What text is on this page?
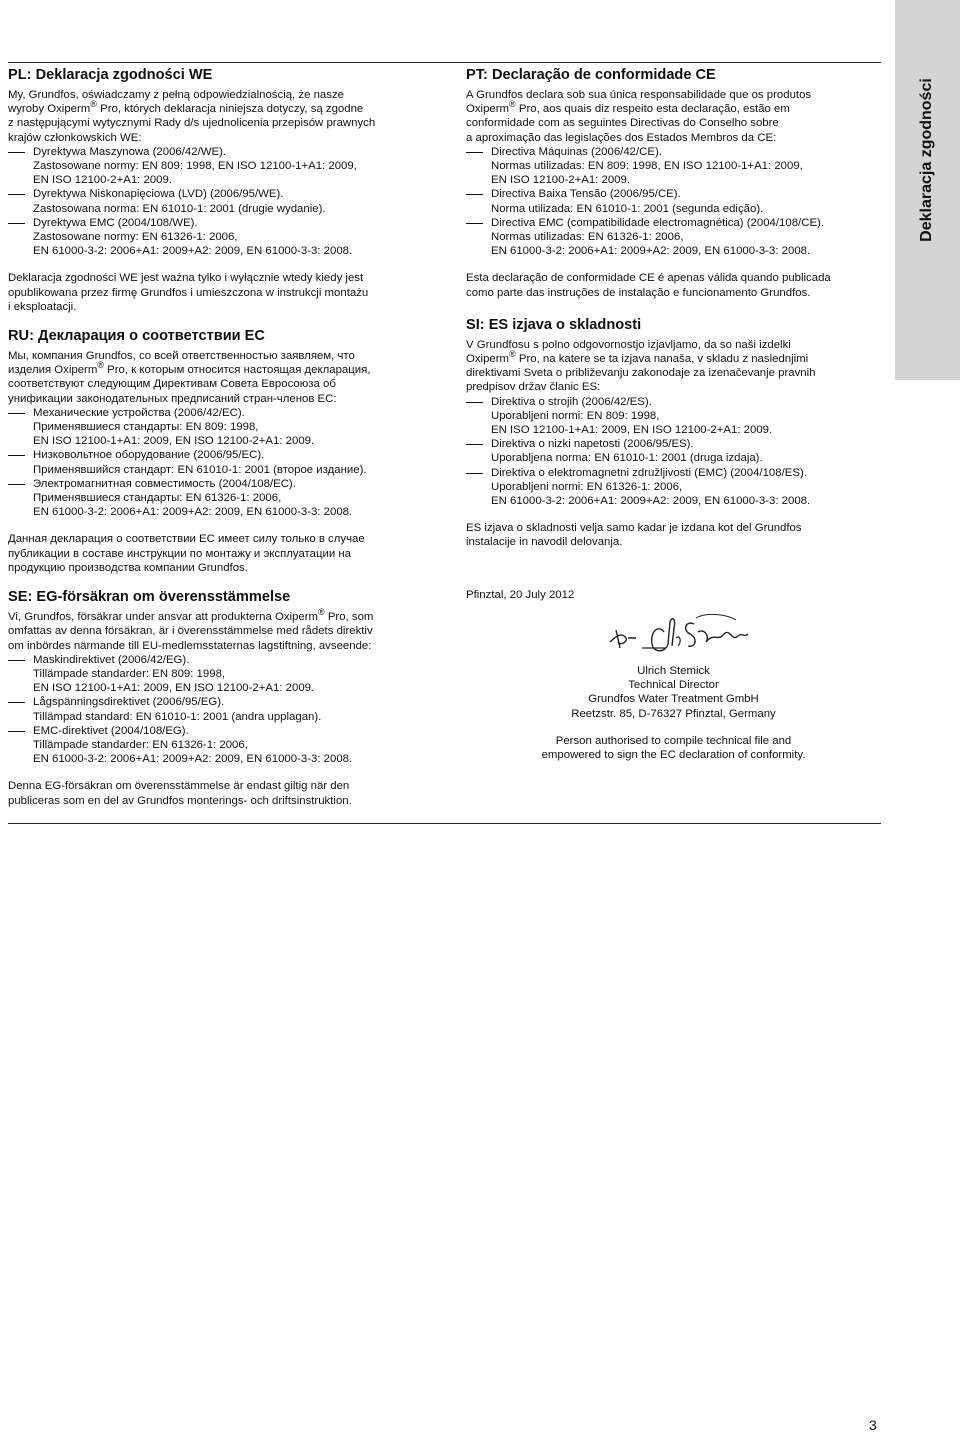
Deklaracja zgodności
PL: Deklaracja zgodności WE

My, Grundfos, oświadczamy z pełną odpowiedzialnością, że nasze
wyroby Oxiperm® Pro, których deklaracja niniejsza dotyczy, są zgodne
z następującymi wytycznymi Rady d/s ujednolicenia przepisów prawnych
krajów członkowskich WE:

Dyrektywa Maszynowa (2006/42/WE).
Zastosowane normy: EN 809: 1998, EN ISO 12100-1+A1: 2009,
EN ISO 12100-2+A1: 2009.
Dyrektywa Niskonapięciowa (LVD) (2006/95/WE).
Zastosowana norma: EN 61010-1: 2001 (drugie wydanie).
Dyrektywa EMC (2004/108/WE).
Zastosowane normy: EN 61326-1: 2006,
EN 61000-3-2: 2006+A1: 2009+A2: 2009, EN 61000-3-3: 2008.

Deklaracja zgodności WE jest ważna tylko i wyłącznie wtedy kiedy jest
opublikowana przez firmę Grundfos i umieszczona w instrukcji montażu
i eksploatacji.

RU: Декларация о соответствии ЕС

Мы, компания Grundfos, со всей ответственностью заявляем, что
изделия Oxiperm® Pro, к которым относится настоящая декларация,
соответствуют следующим Директивам Совета Евросоюза об
унификации законодательных предписаний стран-членов ЕС:

Механические устройства (2006/42/EC).
Применявшиеся стандарты: EN 809: 1998,
EN ISO 12100-1+A1: 2009, EN ISO 12100-2+A1: 2009.
Низковольтное оборудование (2006/95/EC).
Применявшийся стандарт: EN 61010-1: 2001 (второе издание).
Электромагнитная совместимость (2004/108/EC).
Применявшиеся стандарты: EN 61326-1: 2006,
EN 61000-3-2: 2006+A1: 2009+A2: 2009, EN 61000-3-3: 2008.

Данная декларация о соответствии ЕС имеет силу только в случае
публикации в составе инструкции по монтажу и эксплуатации на
продукцию производства компании Grundfos.

SE: EG-försäkran om överensstämmelse

Vi, Grundfos, försäkrar under ansvar att produkterna Oxiperm® Pro, som
omfattas av denna försäkran, är i överensstämmelse med rådets direktiv
om inbördes närmande till EU-medlemsstaternas lagstiftning, avseende:

Maskindirektivet (2006/42/EG).
Tillämpade standarder: EN 809: 1998,
EN ISO 12100-1+A1: 2009, EN ISO 12100-2+A1: 2009.
Lågspänningsdirektivet (2006/95/EG).
Tillämpad standard: EN 61010-1: 2001 (andra upplagan).
EMC-direktivet (2004/108/EG).
Tillämpade standarder: EN 61326-1: 2006,
EN 61000-3-2: 2006+A1: 2009+A2: 2009, EN 61000-3-3: 2008.

Denna EG-försäkran om överensstämmelse är endast giltig när den
publiceras som en del av Grundfos monterings- och driftsinstruktion.

PT: Declaração de conformidade CE

A Grundfos declara sob sua única responsabilidade que os produtos
Oxiperm® Pro, aos quais diz respeito esta declaração, estão em
conformidade com as seguintes Directivas do Conselho sobre
a aproximação das legislações dos Estados Membros da CE:

Directiva Máquinas (2006/42/CE).
Normas utilizadas: EN 809: 1998, EN ISO 12100-1+A1: 2009,
EN ISO 12100-2+A1: 2009.
Directiva Baixa Tensão (2006/95/CE).
Norma utilizada: EN 61010-1: 2001 (segunda edição).
Directiva EMC (compatibilidade electromagnética) (2004/108/CE).
Normas utilizadas: EN 61326-1: 2006,
EN 61000-3-2: 2006+A1: 2009+A2: 2009, EN 61000-3-3: 2008.

Esta declaração de conformidade CE é apenas válida quando publicada
como parte das instruções de instalação e funcionamento Grundfos.

SI: ES izjava o skladnosti

V Grundfosu s polno odgovornostjo izjavljamo, da so naši izdelki
Oxiperm® Pro, na katere se ta izjava nanaša, v skladu z naslednjimi
direktivami Sveta o približevanju zakonodaje za izenačevanje pravnih
predpisov držav članic ES:

Direktiva o strojih (2006/42/ES).
Uporabljeni normi: EN 809: 1998,
EN ISO 12100-1+A1: 2009, EN ISO 12100-2+A1: 2009.
Direktiva o nizki napetosti (2006/95/ES).
Uporabljena norma: EN 61010-1: 2001 (druga izdaja).
Direktiva o elektromagnetni združljivosti (EMC) (2004/108/ES).
Uporabljeni normi: EN 61326-1: 2006,
EN 61000-3-2: 2006+A1: 2009+A2: 2009, EN 61000-3-3: 2008.

ES izjava o skladnosti velja samo kadar je izdana kot del Grundfos
instalacije in navodil delovanja.

Pfinztal, 20 July 2012

Ulrich Stemick

Technical Director

Grundfos Water Treatment GmbH

Reetzstr. 85, D-76327 Pfinztal, Germany

Person authorised to compile technical file and
empowered to sign the EC declaration of conformity.

3
